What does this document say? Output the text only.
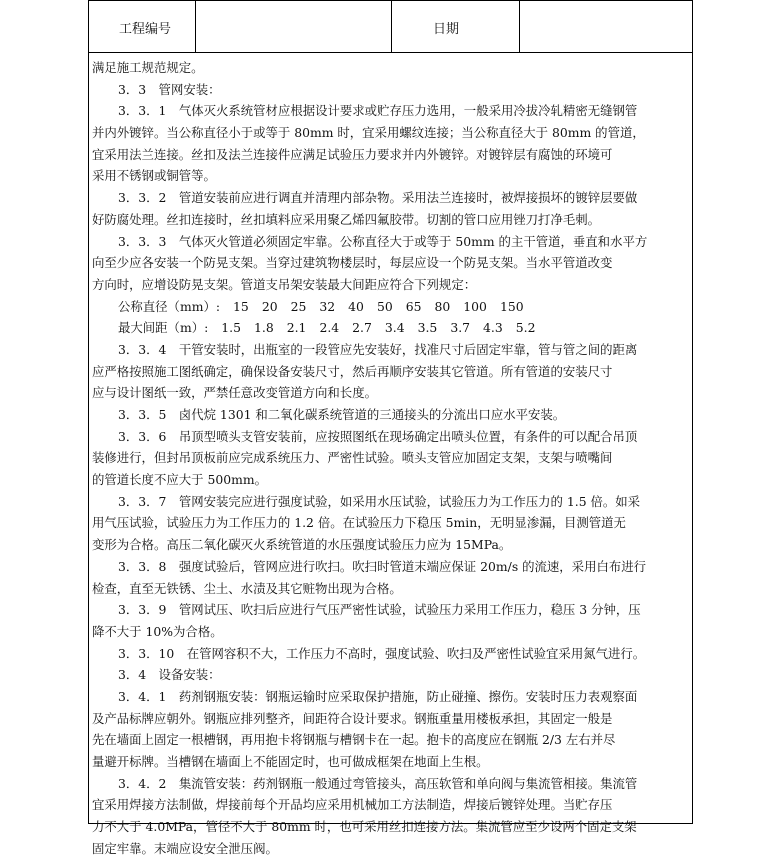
工程编号	日期
满足施工规范规定。
3．3　管网安装：
3．3．1　气体灭火系统管材应根据设计要求或贮存压力选用，一般采用冷拔冷轧精密无缝钢管
并内外镀锌。当公称直径小于或等于 80mm 时，宜采用螺纹连接；当公称直径大于 80mm 的管道，
宜采用法兰连接。丝扣及法兰连接件应满足试验压力要求并内外镀锌。对镀锌层有腐蚀的环境可
采用不锈钢或铜管等。
3．3．2　管道安装前应进行调直并清理内部杂物。采用法兰连接时，被焊接损坏的镀锌层要做
好防腐处理。丝扣连接时，丝扣填料应采用聚乙烯四氟胶带。切割的管口应用锉刀打净毛刺。
3．3．3　气体灭火管道必须固定牢靠。公称直径大于或等于 50mm 的主干管道，垂直和水平方
向至少应各安装一个防晃支架。当穿过建筑物楼层时，每层应设一个防晃支架。当水平管道改变
方向时，应增设防晃支架。管道支吊架安装最大间距应符合下列规定：
公称直径（mm）: 15 20 25 32 40 50 65 80 100 150
最大间距（m）: 1.5 1.8 2.1 2.4 2.7 3.4 3.5 3.7 4.3 5.2
3．3．4　干管安装时，出瓶室的一段管应先安装好，找准尺寸后固定牢靠，管与管之间的距离
应严格按照施工图纸确定，确保设备安装尺寸，然后再顺序安装其它管道。所有管道的安装尺寸
应与设计图纸一致，严禁任意改变管道方向和长度。
3．3．5　卤代烷 1301 和二氧化碳系统管道的三通接头的分流出口应水平安装。
3．3．6　吊顶型喷头支管安装前，应按照图纸在现场确定出喷头位置，有条件的可以配合吊顶
装修进行，但封吊顶板前应完成系统压力、严密性试验。喷头支管应加固定支架，支架与喷嘴间
的管道长度不应大于 500mm。
3．3．7　管网安装完应进行强度试验，如采用水压试验，试验压力为工作压力的 1.5 倍。如采
用气压试验，试验压力为工作压力的 1.2 倍。在试验压力下稳压 5min，无明显渗漏，目测管道无
变形为合格。高压二氧化碳灭火系统管道的水压强度试验压力应为 15MPa。
3．3．8　强度试验后，管网应进行吹扫。吹扫时管道末端应保证 20m/s 的流速，采用白布进行
检查，直至无铁锈、尘土、水渍及其它赃物出现为合格。
3．3．9　管网试压、吹扫后应进行气压严密性试验，试验压力采用工作压力，稳压 3 分钟，压
降不大于 10%为合格。
3．3．10　在管网容积不大，工作压力不高时，强度试验、吹扫及严密性试验宜采用氮气进行。
3．4　设备安装：
3．4．1　药剂钢瓶安装：钢瓶运输时应采取保护措施，防止碰撞、擦伤。安装时压力表观察面
及产品标牌应朝外。钢瓶应排列整齐，间距符合设计要求。钢瓶重量用楼板承担，其固定一般是
先在墙面上固定一根槽钢，再用抱卡将钢瓶与槽钢卡在一起。抱卡的高度应在钢瓶 2/3 左右并尽
量避开标牌。当槽钢在墙面上不能固定时，也可做成框架在地面上生根。
3．4．2　集流管安装：药剂钢瓶一般通过弯管接头，高压软管和单向阀与集流管相接。集流管
宜采用焊接方法制做，焊接前每个开品均应采用机械加工方法制造，焊接后镀锌处理。当贮存压
力不大于 4.0MPa，管径不大于 80mm 时，也可采用丝扣连接方法。集流管应至少设两个固定支架
固定牢靠。末端应设安全泄压阀。
